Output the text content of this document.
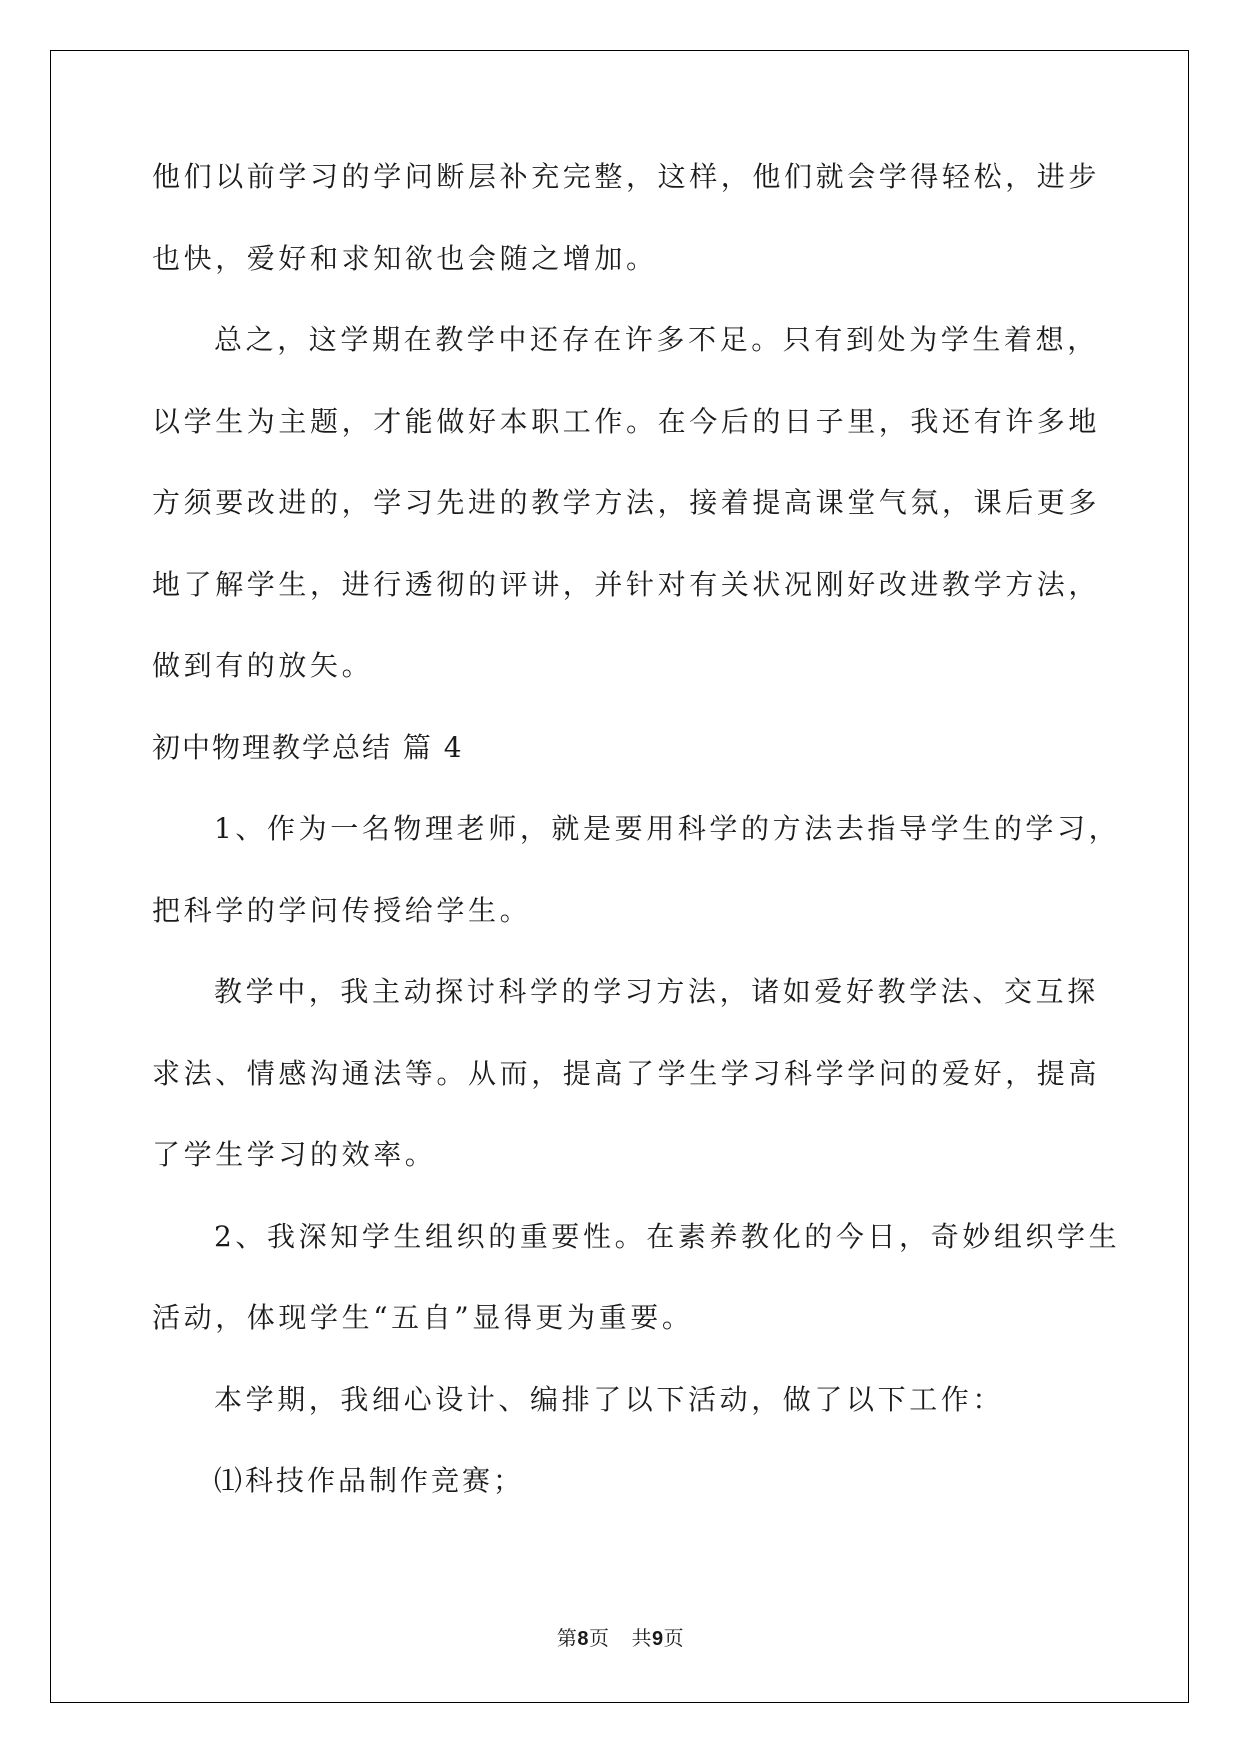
他们以前学习的学问断层补充完整，这样，他们就会学得轻松，进步
也快，爱好和求知欲也会随之增加。
总之，这学期在教学中还存在许多不足。只有到处为学生着想，
以学生为主题，才能做好本职工作。在今后的日子里，我还有许多地
方须要改进的，学习先进的教学方法，接着提高课堂气氛，课后更多
地了解学生，进行透彻的评讲，并针对有关状况刚好改进教学方法，
做到有的放矢。
初中物理教学总结 篇 4
1、作为一名物理老师，就是要用科学的方法去指导学生的学习，
把科学的学问传授给学生。
教学中，我主动探讨科学的学习方法，诸如爱好教学法、交互探
求法、情感沟通法等。从而，提高了学生学习科学学问的爱好，提高
了学生学习的效率。
2、我深知学生组织的重要性。在素养教化的今日，奇妙组织学生
活动，体现学生“五自”显得更为重要。
本学期，我细心设计、编排了以下活动，做了以下工作：
⑴科技作品制作竞赛；
第8页 共9页
